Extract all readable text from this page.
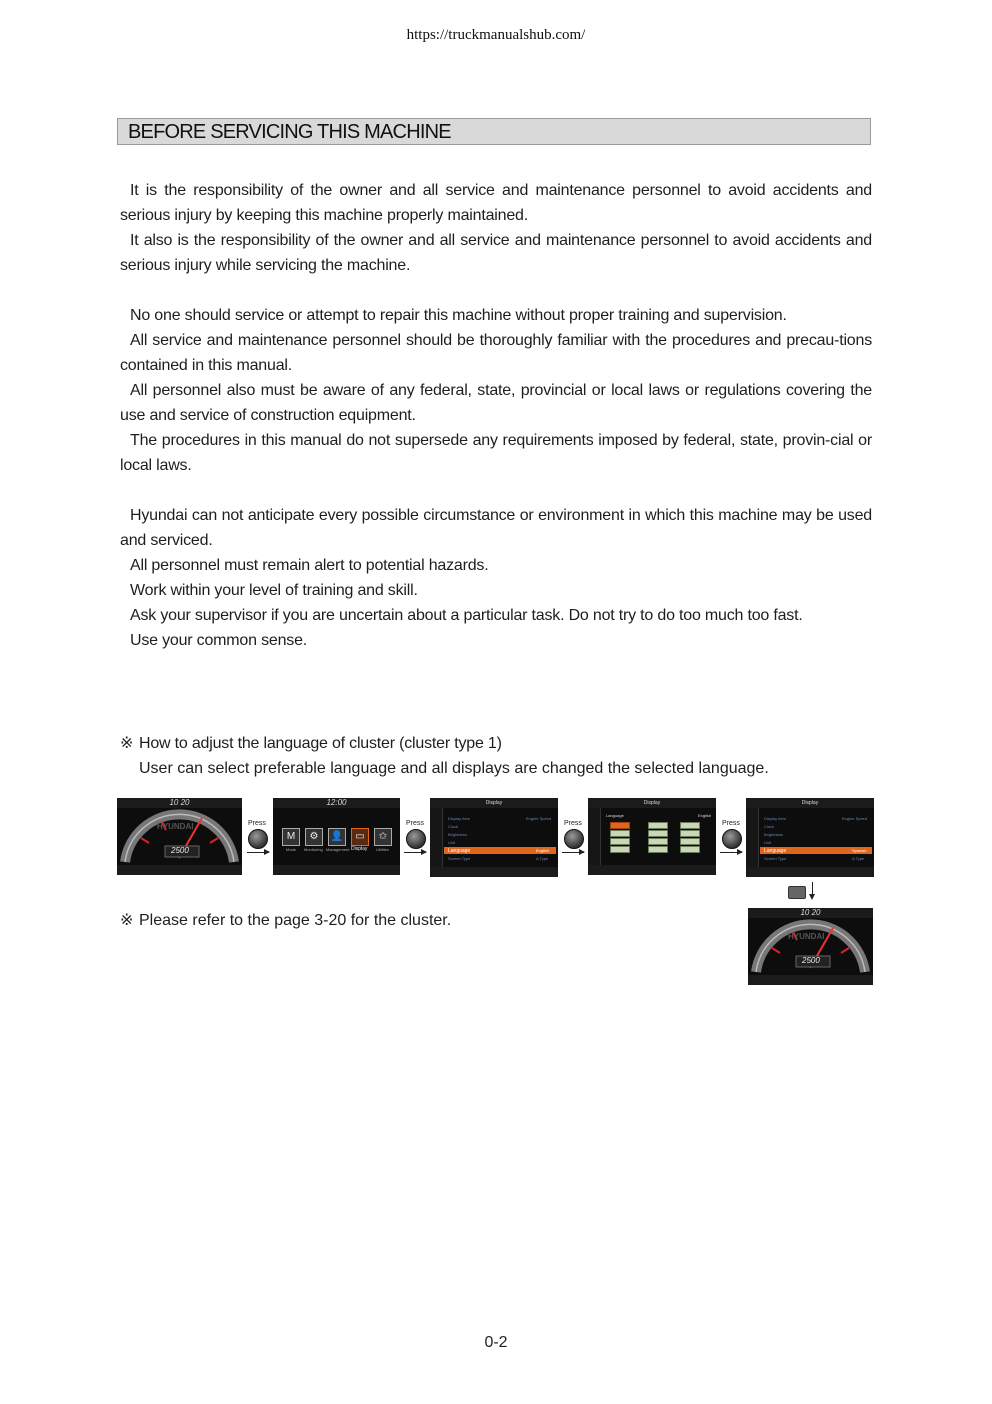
https://truckmanualshub.com/
BEFORE SERVICING THIS MACHINE

It is the responsibility of the owner and all service and maintenance personnel to avoid accidents and serious injury by keeping this machine properly maintained.

It also is the responsibility of the owner and all service and maintenance personnel to avoid accidents and serious injury while servicing the machine.

No one should service or attempt to repair this machine without proper training and supervision.

All service and maintenance personnel should be thoroughly familiar with the procedures and precau-tions contained in this manual.

All personnel also must be aware of any federal, state, provincial or local laws or regulations covering the use and service of construction equipment.

The procedures in this manual do not supersede any requirements imposed by federal, state, provin-cial or local laws.

Hyundai can not anticipate every possible circumstance or environment in which this machine may be used and serviced.

All personnel must remain alert to potential hazards.

Work within your level of training and skill.

Ask your supervisor if you are uncertain about a particular task. Do not try to do too much too fast.

Use your common sense.

※ How to adjust the language of cluster (cluster type 1)
User can select preferable language and all displays are changed the selected language.
10 20
HYUNDAI
2500
Press
12:00
M	⚙	👤	▭	✩
Mode Monitoring Management Display Utilities
Press
Display
Display Item	Engine Speed
Clock
Brightness
Unit
Language	English
Screen Type	A Type
Press
Display
Language	English
Press
Display
Display Item	Engine Speed
Clock
Brightness
Unit
Language	Spanish
Screen Type	A Type
10 20
HYUNDAI
2500
※ Please refer to the page 3-20 for the cluster.
0-2
